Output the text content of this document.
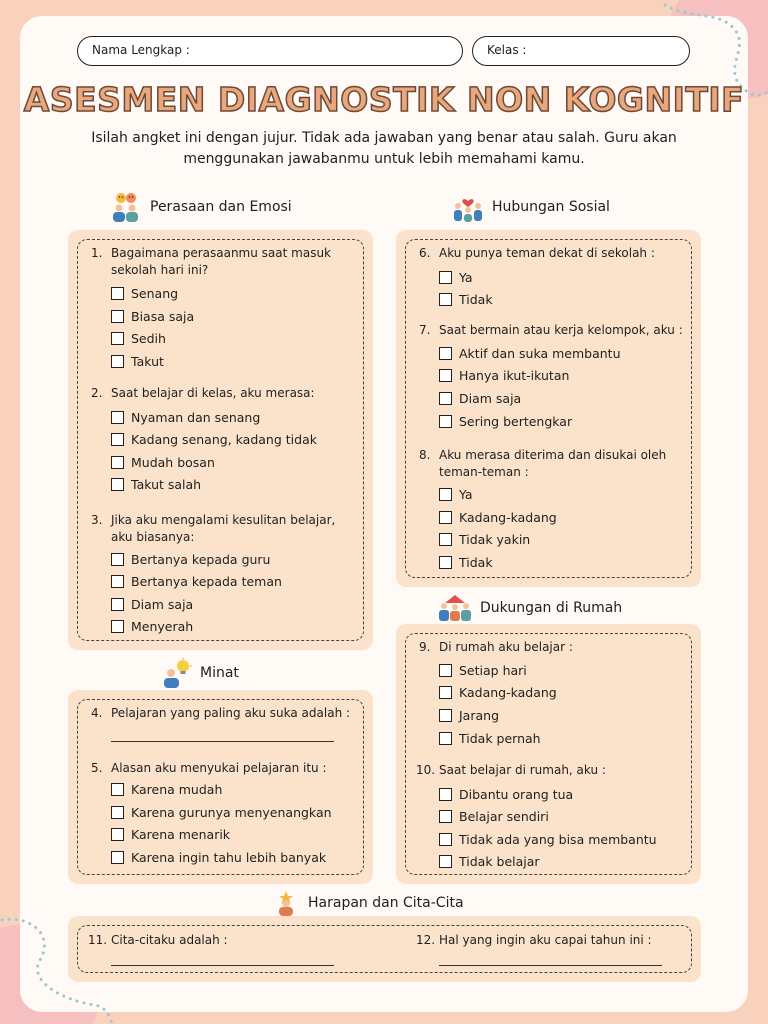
Nama Lengkap :	Kelas :
ASESMEN DIAGNOSTIK NON KOGNITIF
Isilah angket ini dengan jujur. Tidak ada jawaban yang benar atau salah. Guru akan menggunakan jawabanmu untuk lebih memahami kamu.
Perasaan dan Emosi
1. Bagaimana perasaanmu saat masuk sekolah hari ini?
Senang
Biasa saja
Sedih
Takut
2. Saat belajar di kelas, aku merasa:
Nyaman dan senang
Kadang senang, kadang tidak
Mudah bosan
Takut salah
3. Jika aku mengalami kesulitan belajar, aku biasanya:
Bertanya kepada guru
Bertanya kepada teman
Diam saja
Menyerah
Minat
4. Pelajaran yang paling aku suka adalah :
5. Alasan aku menyukai pelajaran itu :
Karena mudah
Karena gurunya menyenangkan
Karena menarik
Karena ingin tahu lebih banyak
Hubungan Sosial
6. Aku punya teman dekat di sekolah :
Ya
Tidak
7. Saat bermain atau kerja kelompok, aku :
Aktif dan suka membantu
Hanya ikut-ikutan
Diam saja
Sering bertengkar
8. Aku merasa diterima dan disukai oleh teman-teman :
Ya
Kadang-kadang
Tidak yakin
Tidak
Dukungan di Rumah
9. Di rumah aku belajar :
Setiap hari
Kadang-kadang
Jarang
Tidak pernah
10. Saat belajar di rumah, aku :
Dibantu orang tua
Belajar sendiri
Tidak ada yang bisa membantu
Tidak belajar
Harapan dan Cita-Cita
11. Cita-citaku adalah :	12. Hal yang ingin aku capai tahun ini :
